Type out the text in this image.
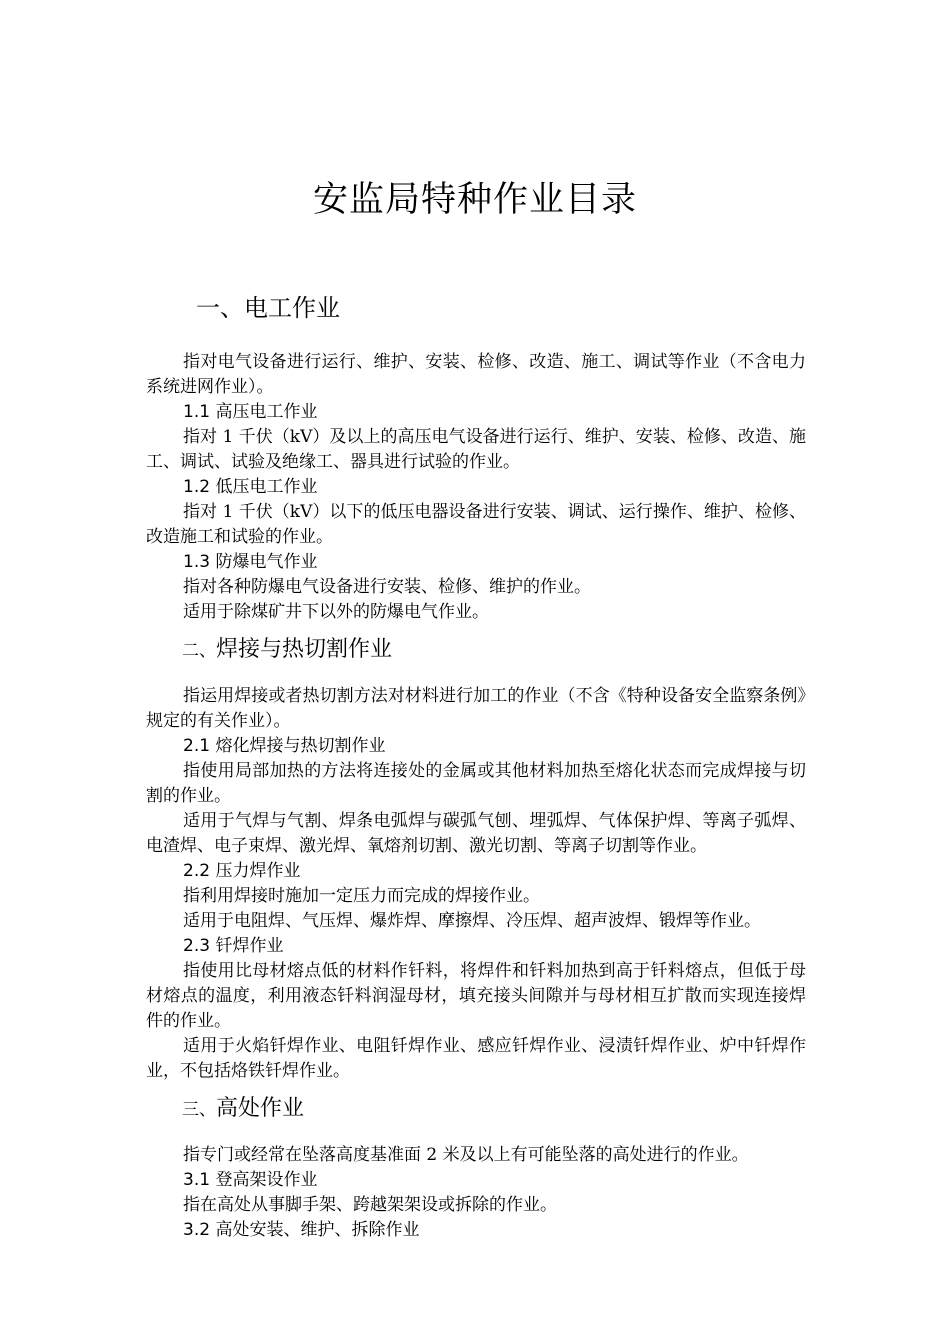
安监局特种作业目录
一、电工作业

指对电气设备进行运行、维护、安装、检修、改造、施工、调试等作业（不含电力系统进网作业）。

1.1 高压电工作业

指对 1 千伏（kV）及以上的高压电气设备进行运行、维护、安装、检修、改造、施工、调试、试验及绝缘工、器具进行试验的作业。

1.2 低压电工作业

指对 1 千伏（kV）以下的低压电器设备进行安装、调试、运行操作、维护、检修、改造施工和试验的作业。

1.3 防爆电气作业

指对各种防爆电气设备进行安装、检修、维护的作业。

适用于除煤矿井下以外的防爆电气作业。

二、焊接与热切割作业

指运用焊接或者热切割方法对材料进行加工的作业（不含《特种设备安全监察条例》规定的有关作业）。

2.1 熔化焊接与热切割作业

指使用局部加热的方法将连接处的金属或其他材料加热至熔化状态而完成焊接与切割的作业。

适用于气焊与气割、焊条电弧焊与碳弧气刨、埋弧焊、气体保护焊、等离子弧焊、电渣焊、电子束焊、激光焊、氧熔剂切割、激光切割、等离子切割等作业。

2.2 压力焊作业

指利用焊接时施加一定压力而完成的焊接作业。

适用于电阻焊、气压焊、爆炸焊、摩擦焊、冷压焊、超声波焊、锻焊等作业。

2.3 钎焊作业

指使用比母材熔点低的材料作钎料，将焊件和钎料加热到高于钎料熔点，但低于母材熔点的温度，利用液态钎料润湿母材，填充接头间隙并与母材相互扩散而实现连接焊件的作业。

适用于火焰钎焊作业、电阻钎焊作业、感应钎焊作业、浸渍钎焊作业、炉中钎焊作业，不包括烙铁钎焊作业。

三、高处作业

指专门或经常在坠落高度基准面 2 米及以上有可能坠落的高处进行的作业。

3.1 登高架设作业

指在高处从事脚手架、跨越架架设或拆除的作业。

3.2 高处安装、维护、拆除作业
